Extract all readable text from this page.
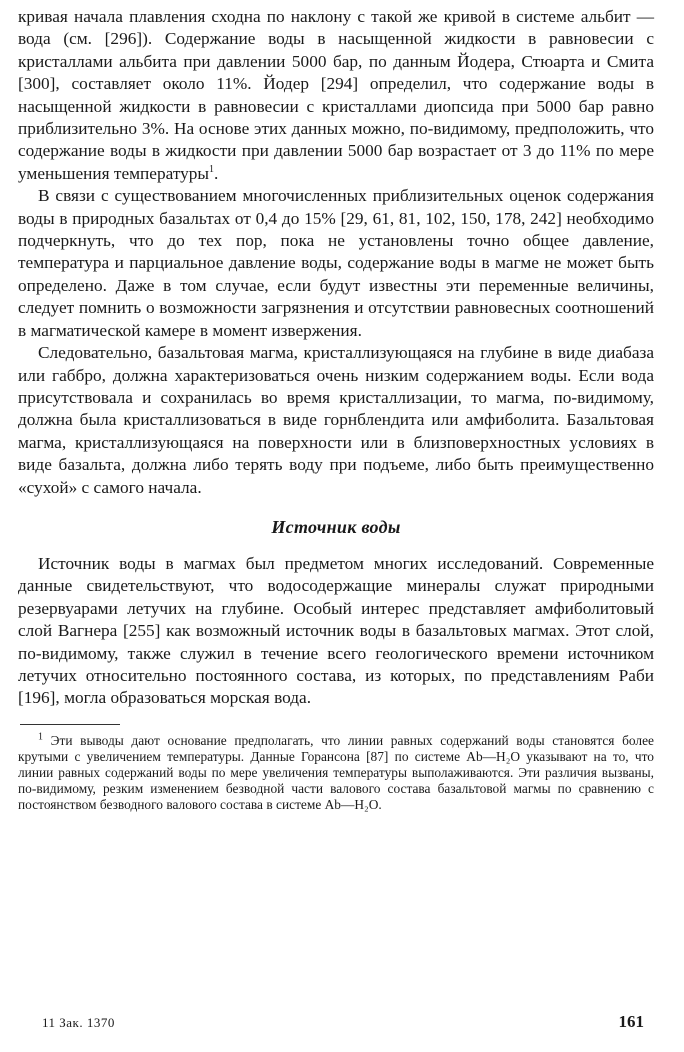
кривая начала плавления сходна по наклону с такой же кривой в системе альбит — вода (см. [296]). Содержание воды в насыщенной жидкости в равновесии с кристаллами альбита при давлении 5000 бар, по данным Йодера, Стюарта и Смита [300], составляет около 11%. Йодер [294] определил, что содержание воды в насыщенной жидкости в равновесии с кристаллами диопсида при 5000 бар равно приблизительно 3%. На основе этих данных можно, по-видимому, предположить, что содержание воды в жидкости при давлении 5000 бар возрастает от 3 до 11% по мере уменьшения температуры$^1$.

В связи с существованием многочисленных приблизительных оценок содержания воды в природных базальтах от 0,4 до 15% [29, 61, 81, 102, 150, 178, 242] необходимо подчеркнуть, что до тех пор, пока не установлены точно общее давление, температура и парциальное давление воды, содержание воды в магме не может быть определено. Даже в том случае, если будут известны эти переменные величины, следует помнить о возможности загрязнения и отсутствии равновесных соотношений в магматической камере в момент извержения.

Следовательно, базальтовая магма, кристаллизующаяся на глубине в виде диабаза или габбро, должна характеризоваться очень низким содержанием воды. Если вода присутствовала и сохранилась во время кристаллизации, то магма, по-видимому, должна была кристаллизоваться в виде горнблендита или амфиболита. Базальтовая магма, кристаллизующаяся на поверхности или в близповерхностных условиях в виде базальта, должна либо терять воду при подъеме, либо быть преимущественно «сухой» с самого начала.

Источник воды

Источник воды в магмах был предметом многих исследований. Современные данные свидетельствуют, что водосодержащие минералы служат природными резервуарами летучих на глубине. Особый интерес представляет амфиболитовый слой Вагнера [255] как возможный источник воды в базальтовых магмах. Этот слой, по-видимому, также служил в течение всего геологического времени источником летучих относительно постоянного состава, из которых, по представлениям Раби [196], могла образоваться морская вода.

$^1$ Эти выводы дают основание предполагать, что линии равных содержаний воды становятся более крутыми с увеличением температуры. Данные Горансона [87] по системе Ab—H₂O указывают на то, что линии равных содержаний воды по мере увеличения температуры выполаживаются. Эти различия вызваны, по-видимому, резким изменением безводной части валового состава базальтовой магмы по сравнению с постоянством безводного валового состава в системе Ab—H₂O.

11 Зак. 1370	161
